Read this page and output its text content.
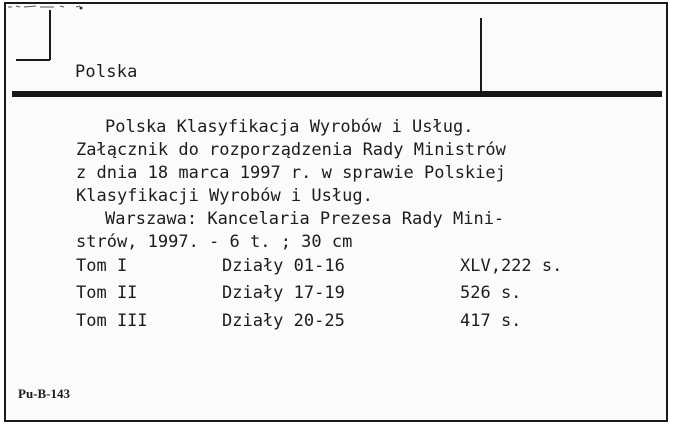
Polska
Polska Klasyfikacja Wyrobów i Usług.
Załącznik do rozporządzenia Rady Ministrów
z dnia 18 marca 1997 r. w sprawie Polskiej
Klasyfikacji Wyrobów i Usług.
Warszawa: Kancelaria Prezesa Rady Mini-
strów, 1997. - 6 t. ; 30 cm
Tom I	Działy 01-16	XLV,222 s.
Tom II	Działy 17-19	526 s.
Tom III	Działy 20-25	417 s.
Pu-B-143
